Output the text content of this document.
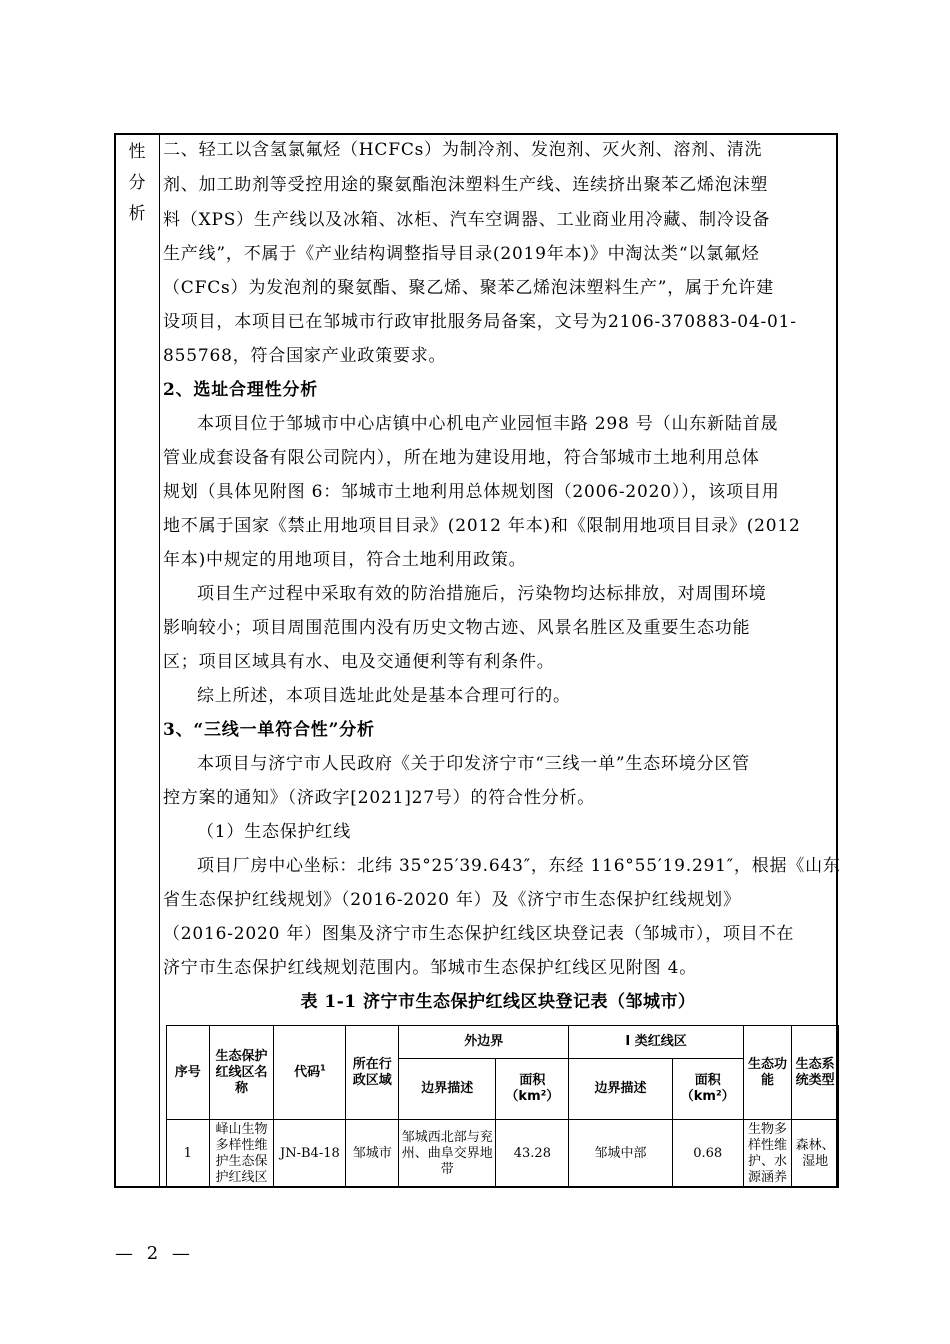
性
分
析
二、轻工以含氢氯氟烃（HCFCs）为制冷剂、发泡剂、灭火剂、溶剂、清洗
剂、加工助剂等受控用途的聚氨酯泡沫塑料生产线、连续挤出聚苯乙烯泡沫塑
料（XPS）生产线以及冰箱、冰柜、汽车空调器、工业商业用冷藏、制冷设备
生产线”，不属于《产业结构调整指导目录(2019年本)》中淘汰类“以氯氟烃
（CFCs）为发泡剂的聚氨酯、聚乙烯、聚苯乙烯泡沫塑料生产”，属于允许建
设项目，本项目已在邹城市行政审批服务局备案，文号为2106-370883-04-01-
855768，符合国家产业政策要求。
2、选址合理性分析
本项目位于邹城市中心店镇中心机电产业园恒丰路 298 号（山东新陆首晟
管业成套设备有限公司院内），所在地为建设用地，符合邹城市土地利用总体
规划（具体见附图 6：邹城市土地利用总体规划图（2006-2020）），该项目用
地不属于国家《禁止用地项目目录》(2012 年本)和《限制用地项目目录》(2012
年本)中规定的用地项目，符合土地利用政策。
项目生产过程中采取有效的防治措施后，污染物均达标排放，对周围环境
影响较小；项目周围范围内没有历史文物古迹、风景名胜区及重要生态功能
区；项目区域具有水、电及交通便利等有利条件。
综上所述，本项目选址此处是基本合理可行的。
3、“三线一单符合性”分析
本项目与济宁市人民政府《关于印发济宁市“三线一单”生态环境分区管
控方案的通知》（济政字[2021]27号）的符合性分析。
（1）生态保护红线
项目厂房中心坐标：北纬 35°25′39.643″，东经 116°55′19.291″，根据《山东
省生态保护红线规划》（2016-2020 年）及《济宁市生态保护红线规划》
（2016-2020 年）图集及济宁市生态保护红线区块登记表（邹城市），项目不在
济宁市生态保护红线规划范围内。邹城市生态保护红线区见附图 4。
表 1-1 济宁市生态保护红线区块登记表（邹城市）
序号	生态保护红线区名称	代码$^1$	所在行政区域	外边界		I 类红线区		生态功能	生态系统类型
				边界描述	面积（km²）	边界描述	面积（km²）		
1	峄山生物多样性维护生态保护红线区	JN-B4-18	邹城市	邹城西北部与兖州、曲阜交界地带	43.28	邹城中部	0.68	生物多样性维护、水源涵养	森林、湿地
— 2 —
